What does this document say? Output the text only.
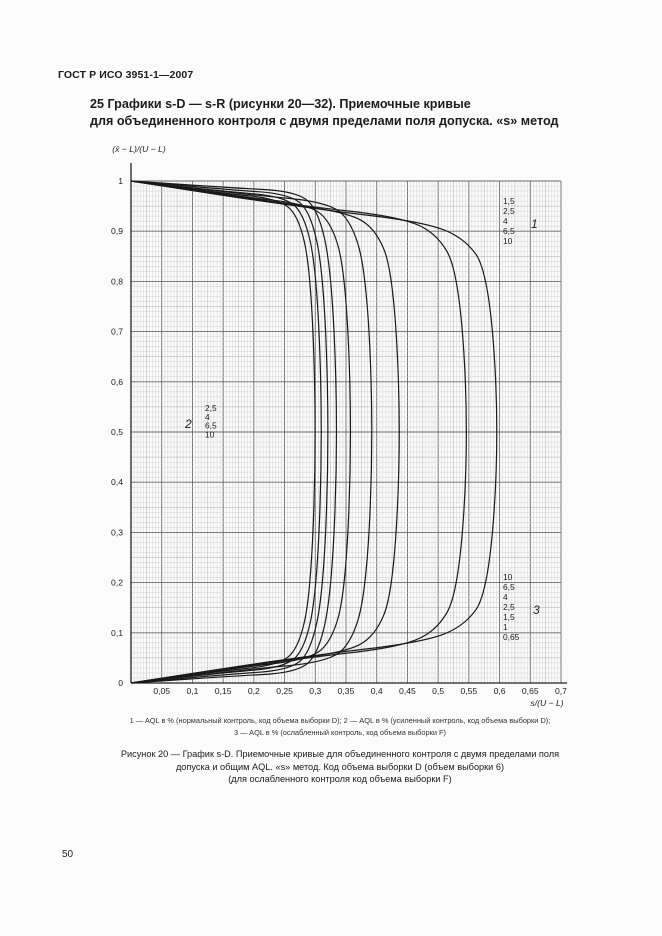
ГОСТ Р ИСО 3951-1—2007
25 Графики s-D — s-R (рисунки 20—32). Приемочные кривые
для объединенного контроля с двумя пределами поля допуска. «s» метод
0
0,1
0,2
0,3
0,4
0,5
0,6
0,7
0,8
0,9
1
0,05 0,1 0,15 0,2 0,25 0,3 0,35 0,4 0,45 0,5 0,55 0,6 0,65 0,7
(x̄ − L)/(U − L)
s/(U − L)
1,5
2,5
4
6,5
10
1
2,5
4
6,5
10
2
10
6,5
4
2,5
1,5
1
0,65
3
1 — AQL в % (нормальный контроль, код объема выборки D); 2 — AQL в % (усиленный контроль, код объема выборки D);
3 — AQL в % (ослабленный контроль, код объема выборки F)
Рисунок 20 — График s-D. Приемочные кривые для объединенного контроля с двумя пределами поля
допуска и общим AQL. «s» метод. Код объема выборки D (объем выборки 6)
(для ослабленного контроля код объема выборки F)
50
